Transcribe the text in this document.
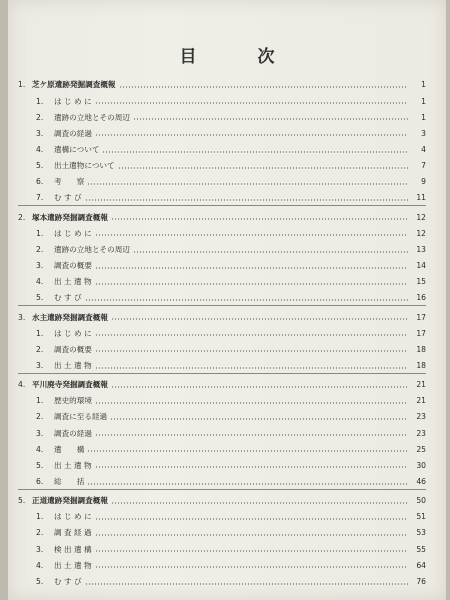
目　次
1. 芝ケ原遺跡発掘調査概報	1
1.	は じ め に	1
2.	遺跡の立地とその周辺	1
3.	調査の経過	3
4.	遺構について	4
5.	出土遺物について	7
6.	考　　察	9
7.	む す び	11
2. 塚本遺跡発掘調査概報	12
1.	は じ め に	12
2.	遺跡の立地とその周辺	13
3.	調査の概要	14
4.	出 土 遺 物	15
5.	む す び	16
3. 水主遺跡発掘調査概報	17
1.	は じ め に	17
2.	調査の概要	18
3.	出 土 遺 物	18
4. 平川廃寺発掘調査概報	21
1.	歴史的環境	21
2.	調査に至る経過	23
3.	調査の経過	23
4.	遺　　構	25
5.	出 土 遺 物	30
6.	総　　括	46
5. 正道遺跡発掘調査概報	50
1.	は じ め に	51
2.	調 査 経 過	53
3.	検 出 遺 構	55
4.	出 土 遺 物	64
5.	む す び	76
